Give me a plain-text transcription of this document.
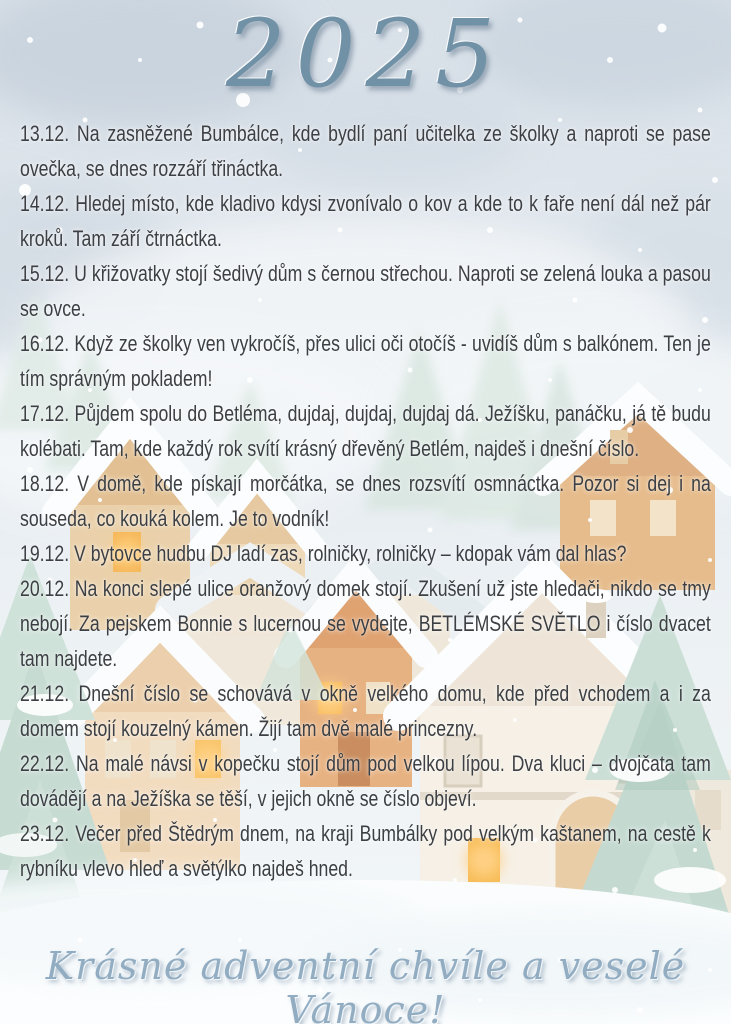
2025

13.12. Na zasněžené Bumbálce, kde bydlí paní učitelka ze školky a naproti se pase ovečka, se dnes rozzáří třináctka.

14.12. Hledej místo, kde kladivo kdysi zvonívalo o kov a kde to k faře není dál než pár kroků. Tam září čtrnáctka.

15.12. U křižovatky stojí šedivý dům s černou střechou. Naproti se zelená louka a pasou se ovce.

16.12. Když ze školky ven vykročíš, přes ulici oči otočíš - uvidíš dům s balkónem. Ten je tím správným pokladem!

17.12. Půjdem spolu do Betléma, dujdaj, dujdaj, dujdaj dá. Ježíšku, panáčku, já tě budu kolébati. Tam, kde každý rok svítí krásný dřevěný Betlém, najdeš i dnešní číslo.

18.12. V domě, kde pískají morčátka, se dnes rozsvítí osmnáctka. Pozor si dej i na souseda, co kouká kolem. Je to vodník!

19.12. V bytovce hudbu DJ ladí zas, rolničky, rolničky – kdopak vám dal hlas?

20.12. Na konci slepé ulice oranžový domek stojí. Zkušení už jste hledači, nikdo se tmy nebojí. Za pejskem Bonnie s lucernou se vydejte, BETLÉMSKÉ SVĚTLO i číslo dvacet tam najdete.

21.12. Dnešní číslo se schovává v okně velkého domu, kde před vchodem a i za domem stojí kouzelný kámen. Žijí tam dvě malé princezny.

22.12. Na malé návsi v kopečku stojí dům pod velkou lípou. Dva kluci – dvojčata tam dovádějí a na Ježíška se těší, v jejich okně se číslo objeví.

23.12. Večer před Štědrým dnem, na kraji Bumbálky pod velkým kaštanem, na cestě k rybníku vlevo hleď a světýlko najdeš hned.

Krásné adventní chvíle a veselé Vánoce!
